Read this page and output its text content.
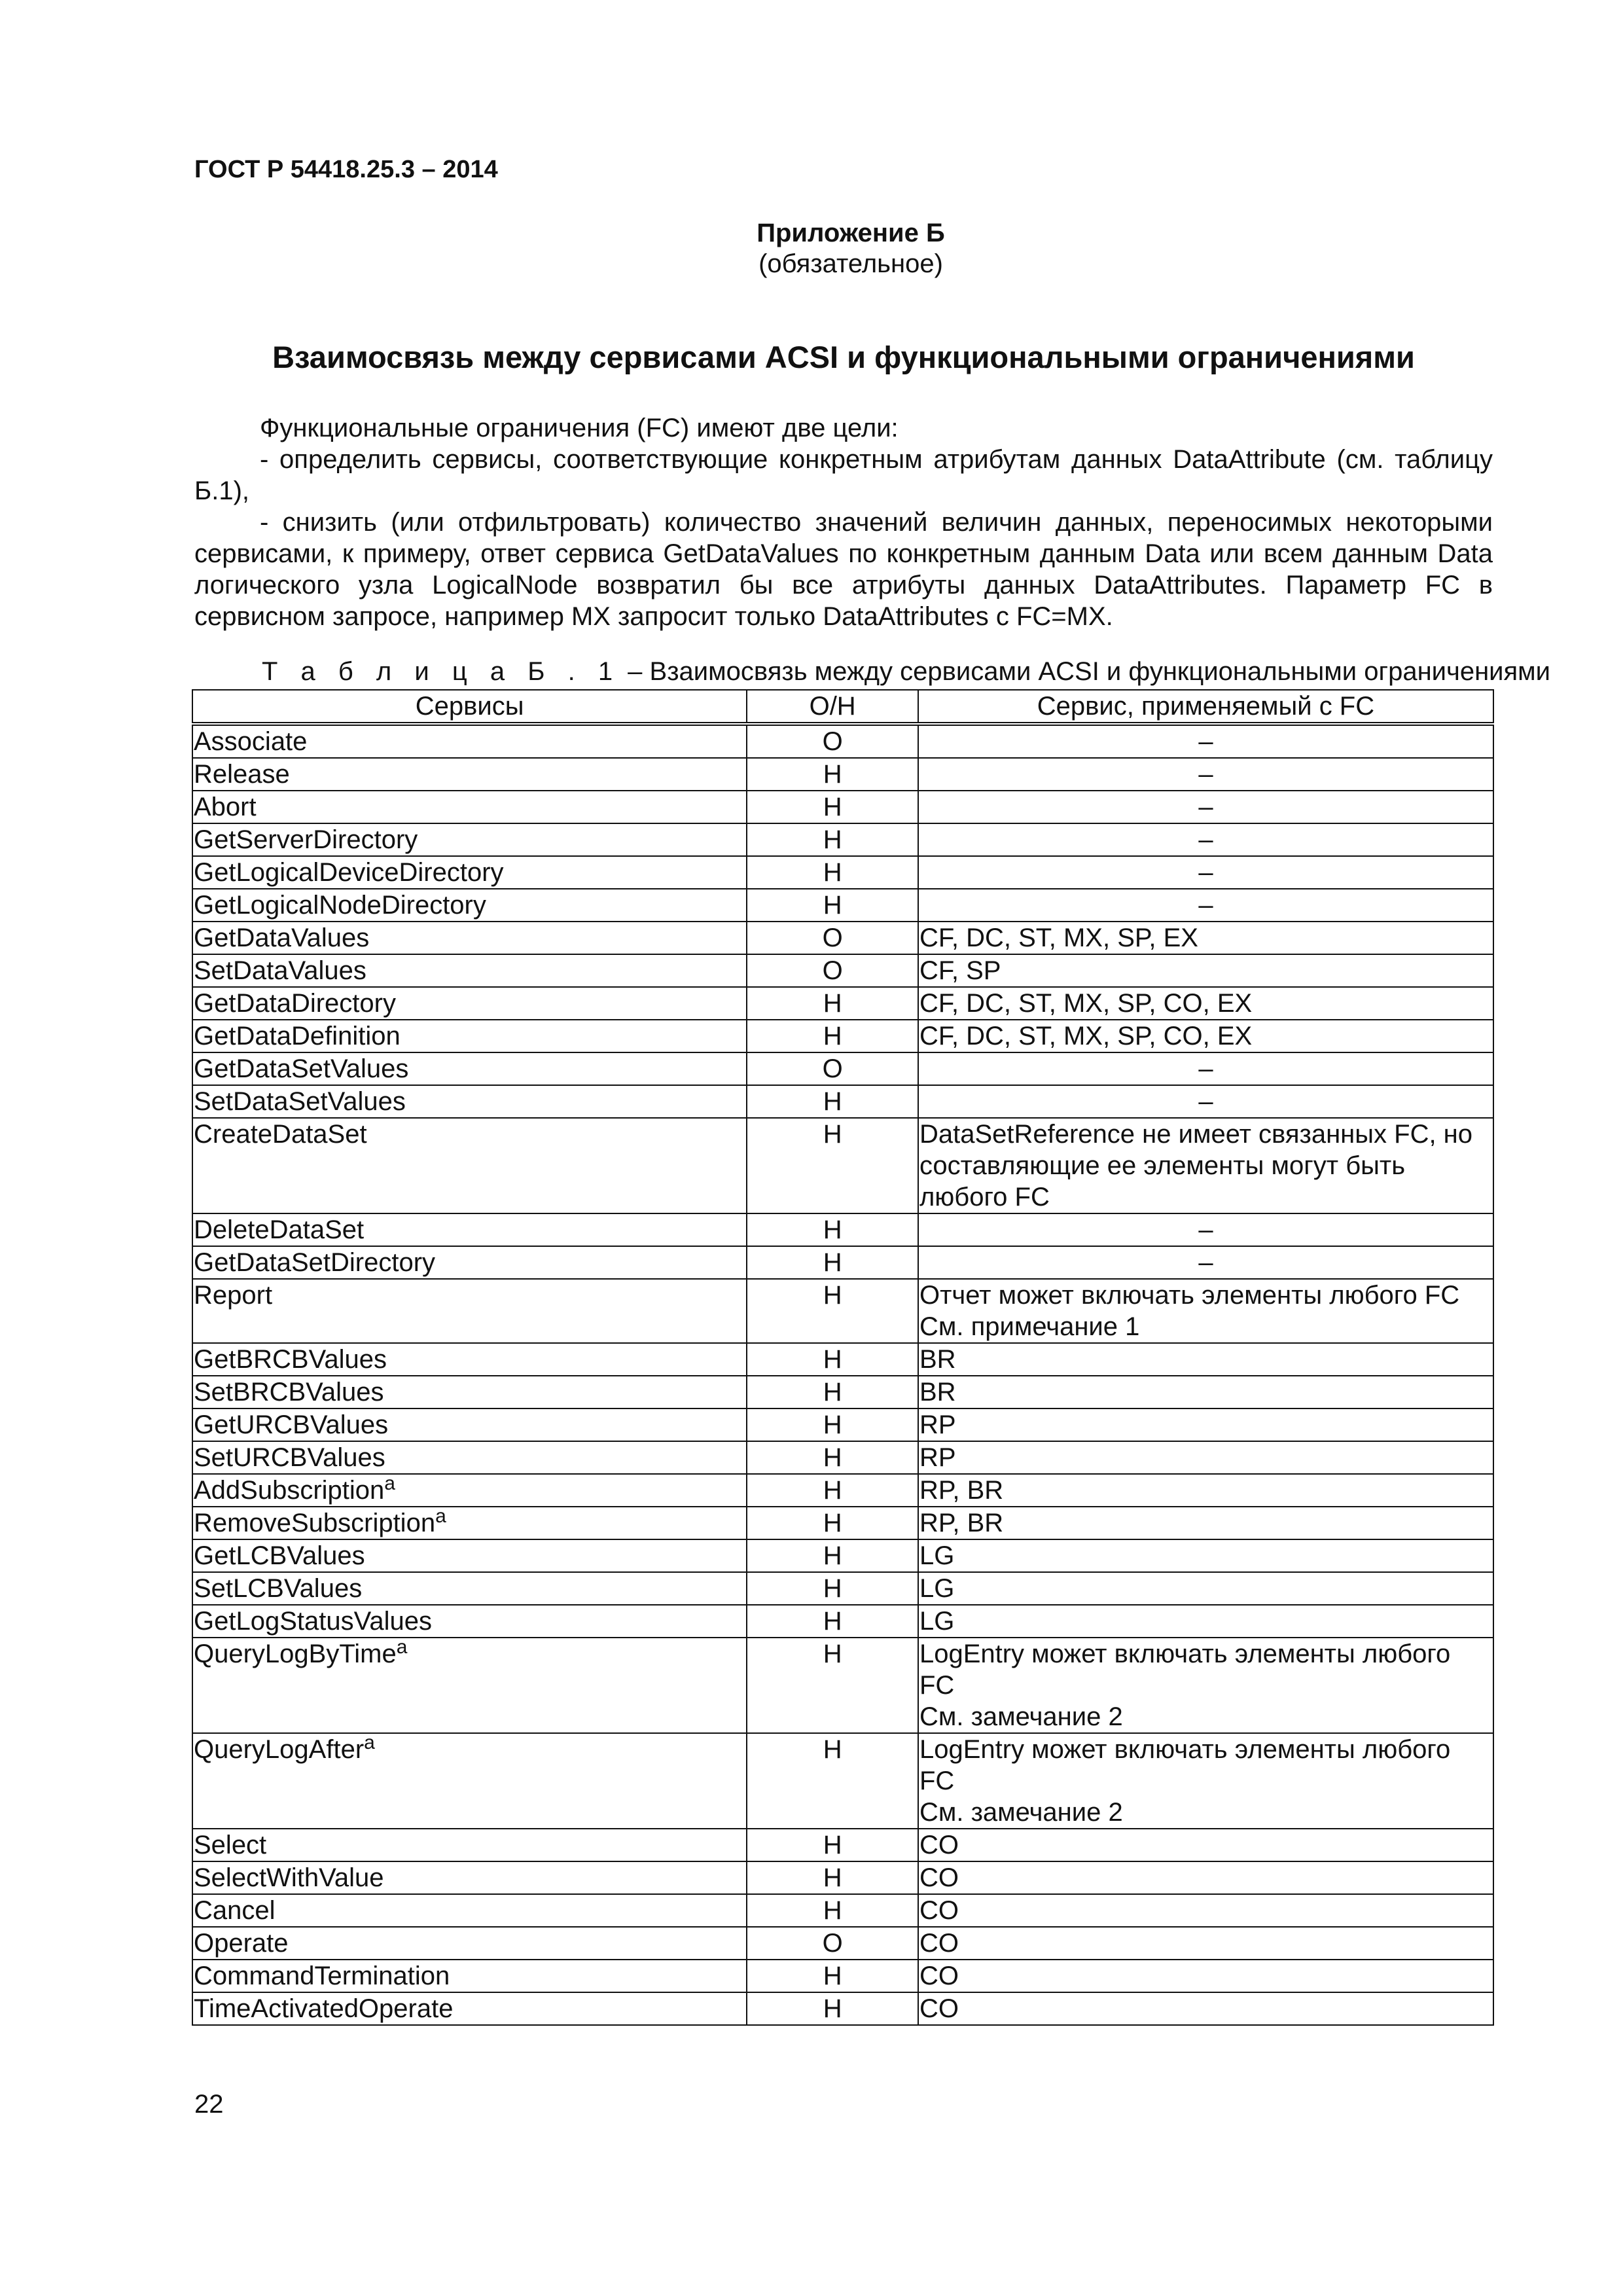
ГОСТ Р 54418.25.3 – 2014
Приложение Б
(обязательное)
Взаимосвязь между сервисами ACSI и функциональными ограничениями

Функциональные ограничения (FC) имеют две цели:

- определить сервисы, соответствующие конкретным атрибутам данных DataAttribute (см. таблицу Б.1),

- снизить (или отфильтровать) количество значений величин данных, переносимых некоторыми сервисами, к примеру, ответ сервиса GetDataValues по конкретным данным Data или всем данным Data логического узла LogicalNode возвратил бы все атрибуты данных DataAttributes. Параметр FC в сервисном запросе, например MX запросит только DataAttributes с FC=MX.

Т а б л и ц а Б . 1 – Взаимосвязь между сервисами ACSI и функциональными ограничениями
Сервисы	О/Н	Сервис, применяемый с FC
Associate	О	–
Release	Н	–
Abort	Н	–
GetServerDirectory	Н	–
GetLogicalDeviceDirectory	Н	–
GetLogicalNodeDirectory	Н	–
GetDataValues	О	CF, DC, ST, MX, SP, EX
SetDataValues	О	CF, SP
GetDataDirectory	Н	CF, DC, ST, MX, SP, CO, EX
GetDataDefinition	Н	CF, DC, ST, MX, SP, CO, EX
GetDataSetValues	О	–
SetDataSetValues	Н	–
CreateDataSet	Н	DataSetReference не имеет связанных FC, но составляющие ее элементы могут быть любого FC
DeleteDataSet	Н	–
GetDataSetDirectory	Н	–
Report	Н	Отчет может включать элементы любого FC
См. примечание 1
GetBRCBValues	Н	BR
SetBRCBValues	Н	BR
GetURCBValues	Н	RP
SetURCBValues	Н	RP
AddSubscription$^a$	Н	RP, BR
RemoveSubscription$^a$	Н	RP, BR
GetLCBValues	Н	LG
SetLCBValues	Н	LG
GetLogStatusValues	Н	LG
QueryLogByTime$^a$	Н	LogEntry может включать элементы любого FC
См. замечание 2
QueryLogAfter$^a$	Н	LogEntry может включать элементы любого FC
См. замечание 2
Select	Н	CO
SelectWithValue	Н	CO
Cancel	Н	CO
Operate	О	CO
CommandTermination	Н	CO
TimeActivatedOperate	Н	CO
22
